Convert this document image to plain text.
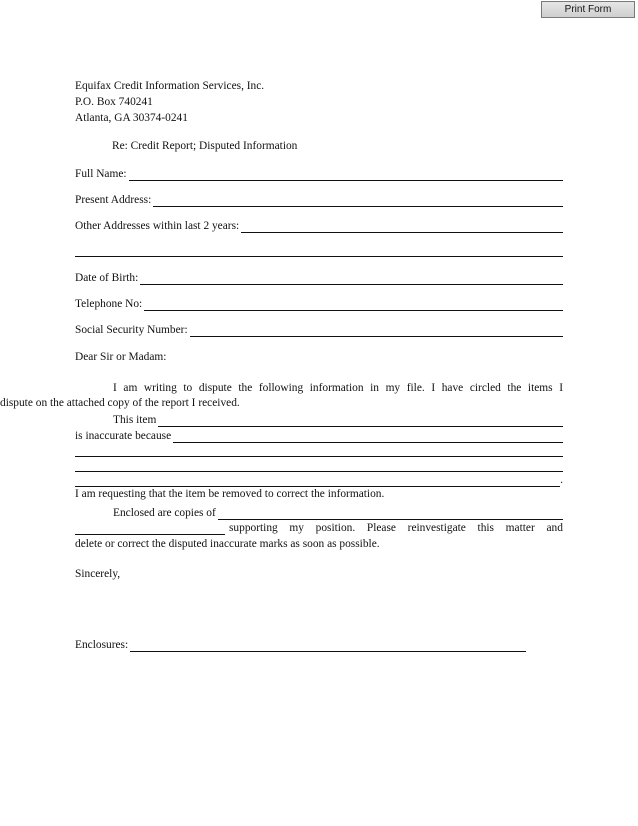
Print Form
Equifax Credit Information Services, Inc.
P.O. Box 740241
Atlanta, GA 30374-0241
Re: Credit Report; Disputed Information
Full Name:
Present Address:
Other Addresses within last 2 years:
Date of Birth:
Telephone No:
Social Security Number:
Dear Sir or Madam:
I am writing to dispute the following information in my file. I have circled the items I
dispute on the attached copy of the report I received.
This item
is inaccurate because
.
I am requesting that the item be removed to correct the information.
Enclosed are copies of
supporting my position. Please reinvestigate this matter and
delete or correct the disputed inaccurate marks as soon as possible.
Sincerely,
Enclosures:
